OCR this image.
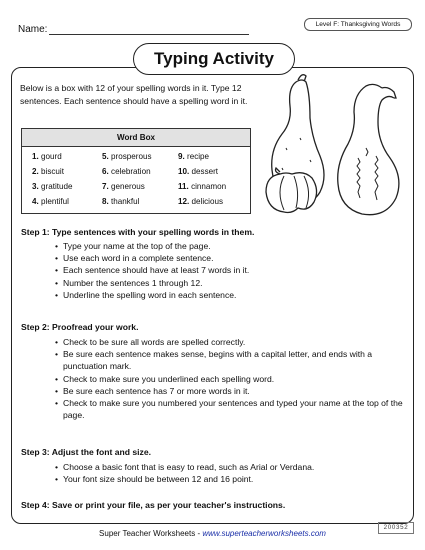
Name:	Level F: Thanksgiving Words
Typing Activity
Below is a box with 12 of your spelling words in it. Type 12 sentences. Each sentence should have a spelling word in it.
Word Box
1. gourd
2. biscuit
3. gratitude
4. plentiful
5. prosperous
6. celebration
7. generous
8. thankful
9. recipe
10. dessert
11. cinnamon
12. delicious
Step 1: Type sentences with your spelling words in them.
• Type your name at the top of the page.
• Use each word in a complete sentence.
• Each sentence should have at least 7 words in it.
• Number the sentences 1 through 12.
• Underline the spelling word in each sentence.
Step 2: Proofread your work.
• Check to be sure all words are spelled correctly.
• Be sure each sentence makes sense, begins with a capital letter, and ends with a punctuation mark.
• Check to make sure you underlined each spelling word.
• Be sure each sentence has 7 or more words in it.
• Check to make sure you numbered your sentences and typed your name at the top of the page.
Step 3: Adjust the font and size.
• Choose a basic font that is easy to read, such as Arial or Verdana.
• Your font size should be between 12 and 16 point.
Step 4: Save or print your file, as per your teacher's instructions.
Super Teacher Worksheets - www.superteacherworksheets.com
200352
